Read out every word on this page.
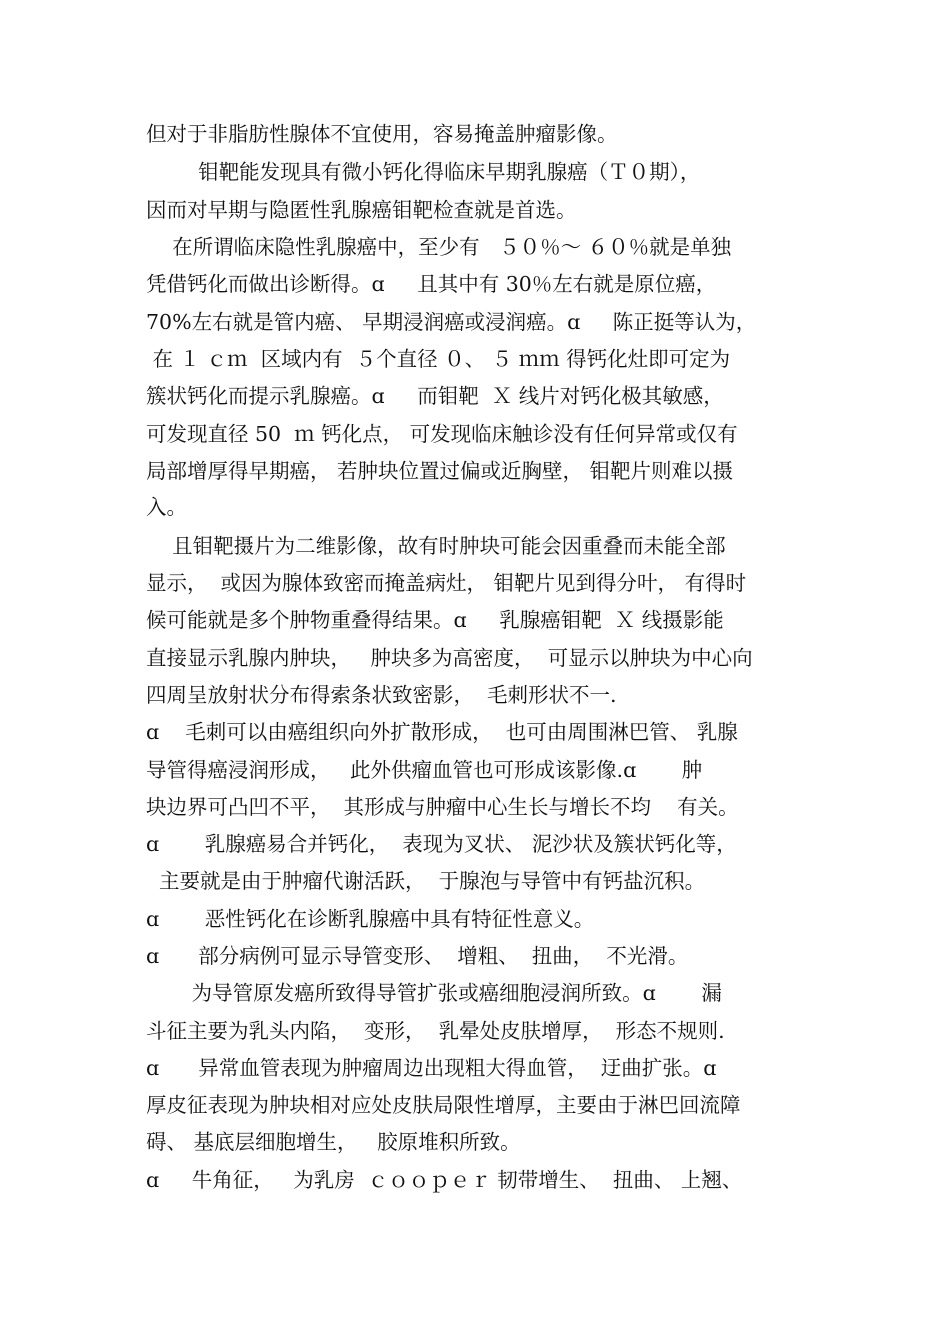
但对于非脂肪性腺体不宜使用，容易掩盖肿瘤影像。
钼靶能发现具有微小钙化得临床早期乳腺癌（Ｔ０期），
因而对早期与隐匿性乳腺癌钼靶检查就是首选。
在所谓临床隐性乳腺癌中，至少有   ５０％～ ６０％就是单独
凭借钙化而做出诊断得。ɑ     且其中有 30％左右就是原位癌，
70%左右就是管内癌、 早期浸润癌或浸润癌。ɑ     陈正挺等认为，
在 １ ｃｍ  区域内有  ５个直径 ０、 ５ ｍｍ 得钙化灶即可定为
簇状钙化而提示乳腺癌。ɑ     而钼靶  Ｘ 线片对钙化极其敏感，
可发现直径 50  ｍ 钙化点， 可发现临床触诊没有任何异常或仅有
局部增厚得早期癌， 若肿块位置过偏或近胸壁， 钼靶片则难以摄
入。
且钼靶摄片为二维影像，故有时肿块可能会因重叠而未能全部
显示，  或因为腺体致密而掩盖病灶， 钼靶片见到得分叶， 有得时
候可能就是多个肿物重叠得结果。ɑ     乳腺癌钼靶  Ｘ 线摄影能
直接显示乳腺内肿块，   肿块多为高密度，  可显示以肿块为中心向
四周呈放射状分布得索条状致密影，  毛刺形状不一.
ɑ    毛刺可以由癌组织向外扩散形成，  也可由周围淋巴管、 乳腺
导管得癌浸润形成，   此外供瘤血管也可形成该影像.ɑ       肿
块边界可凸凹不平，  其形成与肿瘤中心生长与增长不均    有关。
ɑ       乳腺癌易合并钙化，  表现为叉状、 泥沙状及簇状钙化等，
主要就是由于肿瘤代谢活跃，  于腺泡与导管中有钙盐沉积。
ɑ       恶性钙化在诊断乳腺癌中具有特征性意义。
ɑ      部分病例可显示导管变形、  增粗、  扭曲，  不光滑。
为导管原发癌所致得导管扩张或癌细胞浸润所致。ɑ       漏
斗征主要为乳头内陷，  变形，  乳晕处皮肤增厚，  形态不规则.
ɑ      异常血管表现为肿瘤周边出现粗大得血管，  迂曲扩张。ɑ
厚皮征表现为肿块相对应处皮肤局限性增厚，主要由于淋巴回流障
碍、 基底层细胞增生，   胶原堆积所致。
ɑ     牛角征，   为乳房  ｃｏｏｐｅｒ 韧带增生、  扭曲、 上翘、
